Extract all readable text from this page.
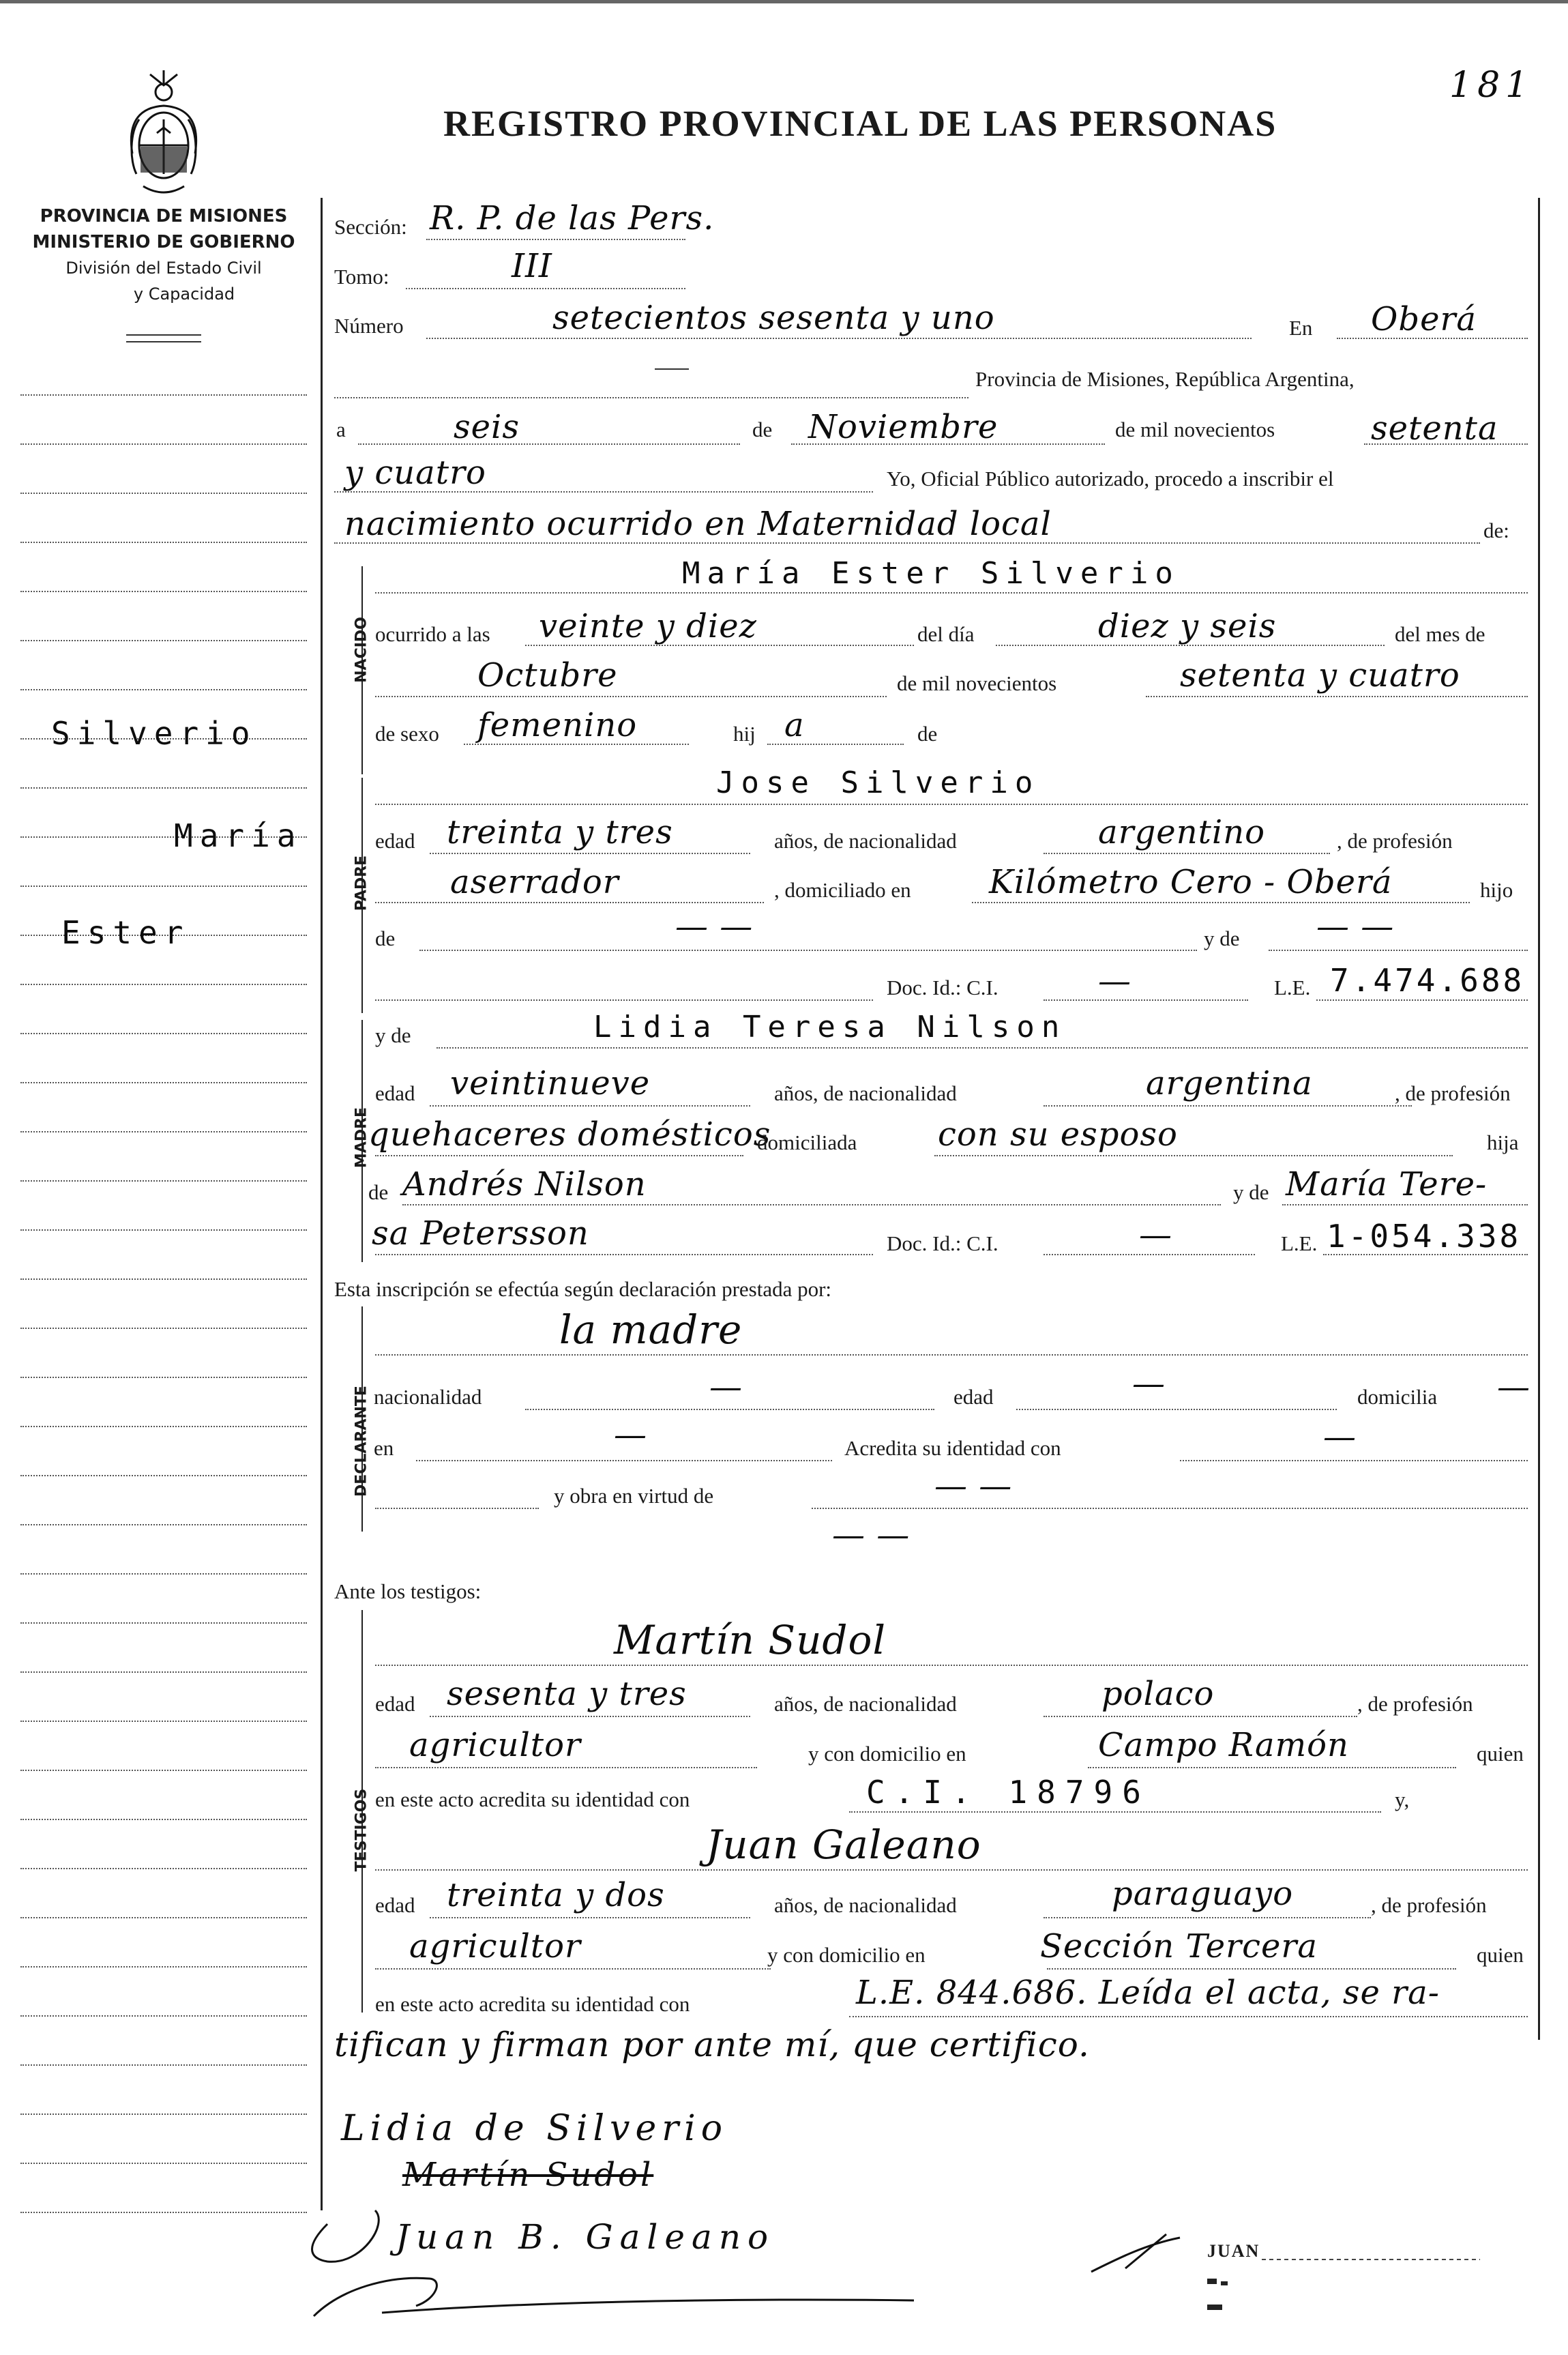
181
REGISTRO PROVINCIAL DE LAS PERSONAS
PROVINCIA DE MISIONES
MINISTERIO DE GOBIERNO
División del Estado Civil
y Capacidad
Silverio
María
Ester
Sección: R. P. de las Pers.
Tomo:	III
Número	setecientos sesenta y uno	En Oberá
Provincia de Misiones, República Argentina,
a	seis	de Noviembre	de mil novecientos	setenta
y cuatro	Yo, Oficial Público autorizado, procedo a inscribir el
nacimiento ocurrido en Maternidad local	de:
NACIDO
María Ester Silverio
ocurrido a las veinte y diez	del día	diez y seis	del mes de
Octubre	de mil novecientos	setenta y cuatro
de sexo femenino	hij a	de
PADRE
Jose Silverio
edad treinta y tres	años, de nacionalidad	argentino	, de profesión
aserrador	, domiciliado en Kilómetro Cero - Oberá	hijo
de	— —	y de — —
Doc. Id.: C.I.	—	L.E. 7.474.688
MADRE
y de	Lidia Teresa Nilson
edad veintinueve	años, de nacionalidad	argentina	, de profesión
quehaceres domésticos
domiciliada con su esposo	hija
de Andrés Nilson	y de María Tere-
sa Petersson	Doc. Id.: C.I.	—	L.E. 1-054.338
Esta inscripción se efectúa según declaración prestada por:
DECLARANTE
la madre
nacionalidad	—	edad	—	domicilia —
en	—	Acredita su identidad con	—
y obra en virtud de	— —
— —
Ante los testigos:
TESTIGOS
Martín Sudol
edad sesenta y tres	años, de nacionalidad	polaco	, de profesión
agricultor	y con domicilio en	Campo Ramón	quien
en este acto acredita su identidad con	C.I. 18796	y,
Juan Galeano
edad treinta y dos	años, de nacionalidad	paraguayo	, de profesión
agricultor	y con domicilio en	Sección Tercera	quien
en este acto acredita su identidad con	L.E. 844.686. Leída el acta, se ra-
tifican y firman por ante mí, que certifico.
Lidia de Silverio
Martín Sudol
Juan B. Galeano	JUAN
